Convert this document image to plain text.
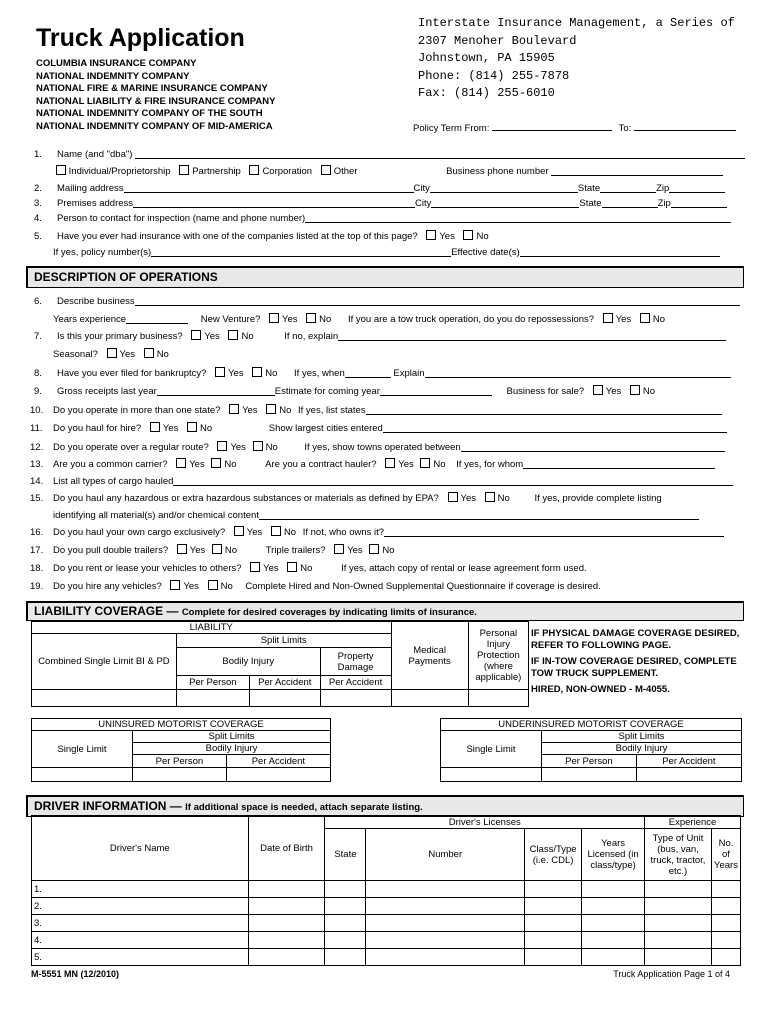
Truck Application
COLUMBIA INSURANCE COMPANY
NATIONAL INDEMNITY COMPANY
NATIONAL FIRE & MARINE INSURANCE COMPANY
NATIONAL LIABILITY & FIRE INSURANCE COMPANY
NATIONAL INDEMNITY COMPANY OF THE SOUTH
NATIONAL INDEMNITY COMPANY OF MID-AMERICA
Interstate Insurance Management, a Series of
2307 Menoher Boulevard
Johnstown, PA 15905
Phone: (814) 255-7878
Fax: (814) 255-6010
Policy Term From:	To:
1. Name (and "dba")
Individual/Proprietorship Partnership Corporation Other	Business phone number
2. Mailing address	City	State	Zip
3. Premises address	City	State	Zip
4. Person to contact for inspection (name and phone number)
5. Have you ever had insurance with one of the companies listed at the top of this page? Yes No
If yes, policy number(s)	Effective date(s)
DESCRIPTION OF OPERATIONS
6. Describe business
Years experience	New Venture? Yes No If you are a tow truck operation, do you do repossessions? Yes No
7. Is this your primary business? Yes No	If no, explain
Seasonal? Yes No
8. Have you ever filed for bankruptcy? Yes No If yes, when	Explain
9. Gross receipts last year	Estimate for coming year	Business for sale? Yes No
10. Do you operate in more than one state? Yes No If yes, list states
11. Do you haul for hire? Yes No	Show largest cities entered
12. Do you operate over a regular route? Yes No	If yes, show towns operated between
13. Are you a common carrier? Yes No	Are you a contract hauler? Yes No If yes, for whom
14. List all types of cargo hauled
15. Do you haul any hazardous or extra hazardous substances or materials as defined by EPA? Yes No	If yes, provide complete listing
identifying all material(s) and/or chemical content
16. Do you haul your own cargo exclusively? Yes No If not, who owns it?
17. Do you pull double trailers? Yes No	Triple trailers? Yes No
18. Do you rent or lease your vehicles to others? Yes No	If yes, attach copy of rental or lease agreement form used.
19. Do you hire any vehicles? Yes No Complete Hired and Non-Owned Supplemental Questionnaire if coverage is desired.
LIABILITY COVERAGE — Complete for desired coverages by indicating limits of insurance.
LIABILITY				Medical Payments	Personal Injury Protection (where applicable)
Combined Single Limit BI & PD	Split Limits				
	Bodily Injury		Property Damage		
	Per Person	Per Accident	Per Accident		

IF PHYSICAL DAMAGE COVERAGE DESIRED, REFER TO FOLLOWING PAGE.
IF IN-TOW COVERAGE DESIRED, COMPLETE TOW TRUCK SUPPLEMENT.
HIRED, NON-OWNED - M-4055.
UNINSURED MOTORIST COVERAGE		
Single Limit	Split Limits	
	Bodily Injury	
	Per Person	Per Accident

UNDERINSURED MOTORIST COVERAGE		
Single Limit	Split Limits	
	Bodily Injury	
	Per Person	Per Accident

DRIVER INFORMATION — If additional space is needed, attach separate listing.
Driver's Name	Date of Birth	Driver's Licenses				Experience	
		State	Number	Class/Type (i.e. CDL)	Years Licensed (in class/type)	Type of Unit (bus, van, truck, tractor, etc.)	No. of Years
1.							
2.							
3.							
4.							
5.							
M-5551 MN (12/2010)	Truck Application Page 1 of 4
